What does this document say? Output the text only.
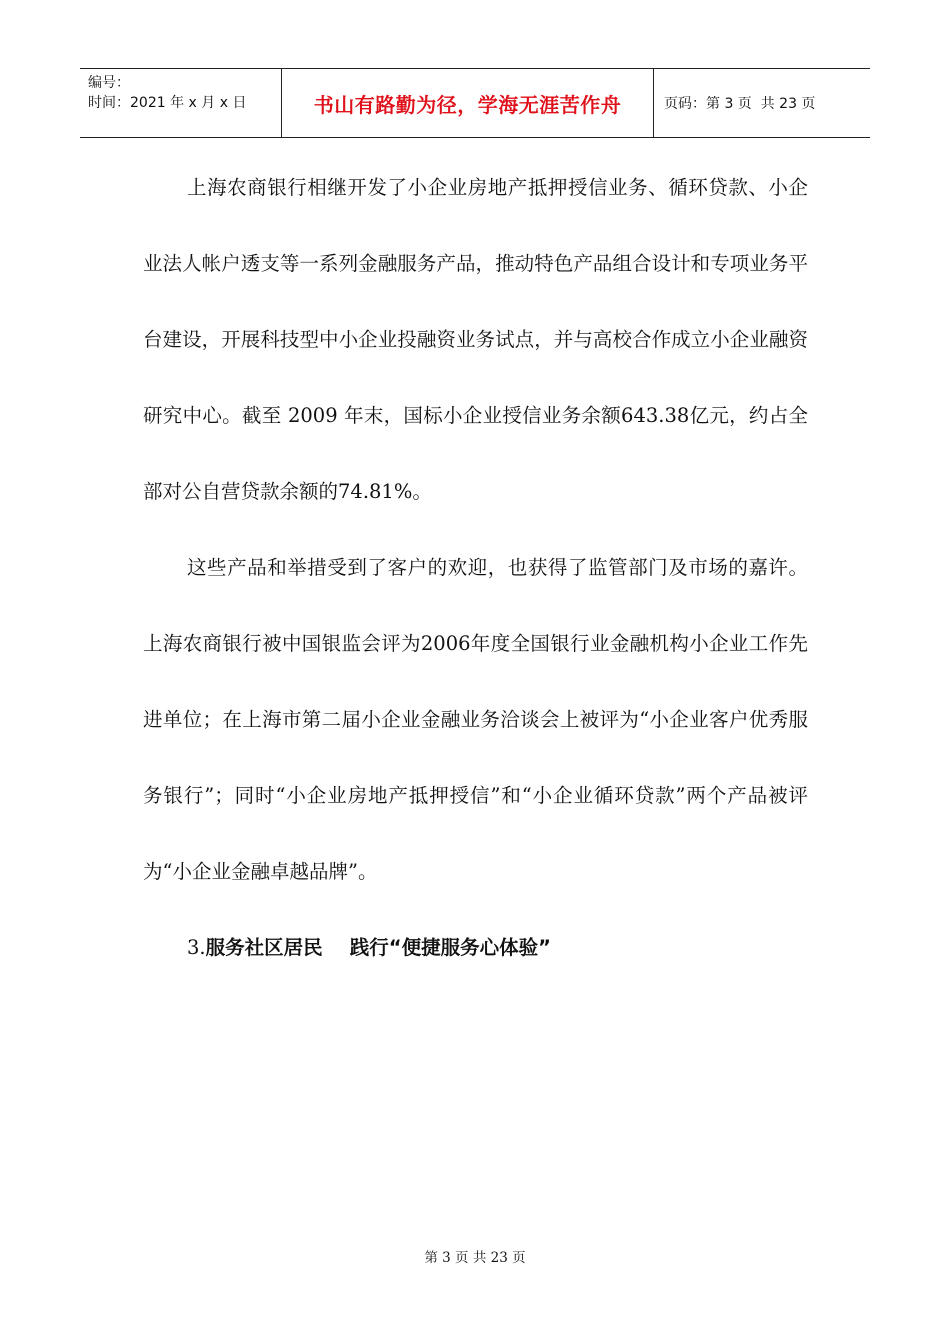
编号：
时间：2021 年 x 月 x 日	书山有路勤为径，学海无涯苦作舟	页码：第 3 页  共 23 页

上海农商银行相继开发了小企业房地产抵押授信业务、循环贷款、小企业法人帐户透支等一系列金融服务产品，推动特色产品组合设计和专项业务平台建设，开展科技型中小企业投融资业务试点，并与高校合作成立小企业融资研究中心。截至 2009 年末，国标小企业授信业务余额643.38亿元，约占全部对公自营贷款余额的74.81%。

这些产品和举措受到了客户的欢迎，也获得了监管部门及市场的嘉许。上海农商银行被中国银监会评为2006年度全国银行业金融机构小企业工作先进单位；在上海市第二届小企业金融业务洽谈会上被评为“小企业客户优秀服务银行”；同时“小企业房地产抵押授信”和“小企业循环贷款”两个产品被评为“小企业金融卓越品牌”。

3.服务社区居民    践行“便捷服务心体验”

第 3 页 共 23 页
